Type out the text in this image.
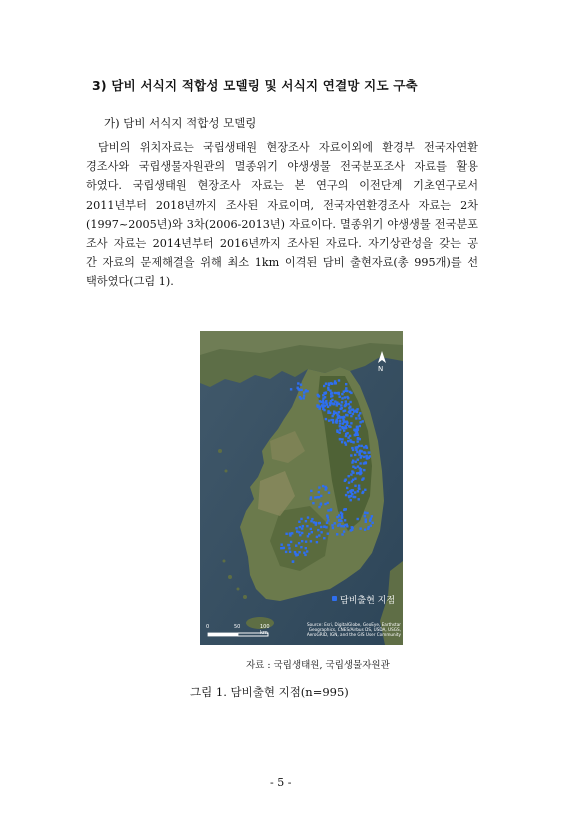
3) 담비 서식지 적합성 모델링 및 서식지 연결망 지도 구축
가) 담비 서식지 적합성 모델링

담비의 위치자료는 국립생태원 현장조사 자료이외에 환경부 전국자연환
경조사와 국립생물자원관의 멸종위기 야생생물 전국분포조사 자료를 활용
하였다. 국립생태원 현장조사 자료는 본 연구의 이전단계 기초연구로서
2011년부터 2018년까지 조사된 자료이며, 전국자연환경조사 자료는 2차
(1997~2005년)와 3차(2006-2013년) 자료이다. 멸종위기 야생생물 전국분포
조사 자료는 2014년부터 2016년까지 조사된 자료다. 자기상관성을 갖는 공
간 자료의 문제해결을 위해 최소 1km 이격된 담비 출현자료(총 995개)를 선
택하였다(그림 1).

N
담비출현 지점
Source: Esri, DigitalGlobe, GeoEye, Earthstar Geographics, CNES/Airbus DS, USDA, USGS, AeroGRID, IGN, and the GIS User Community
0	50	100 km
자료 : 국립생태원, 국립생물자원관
그림 1. 담비출현 지점(n=995)
- 5 -
